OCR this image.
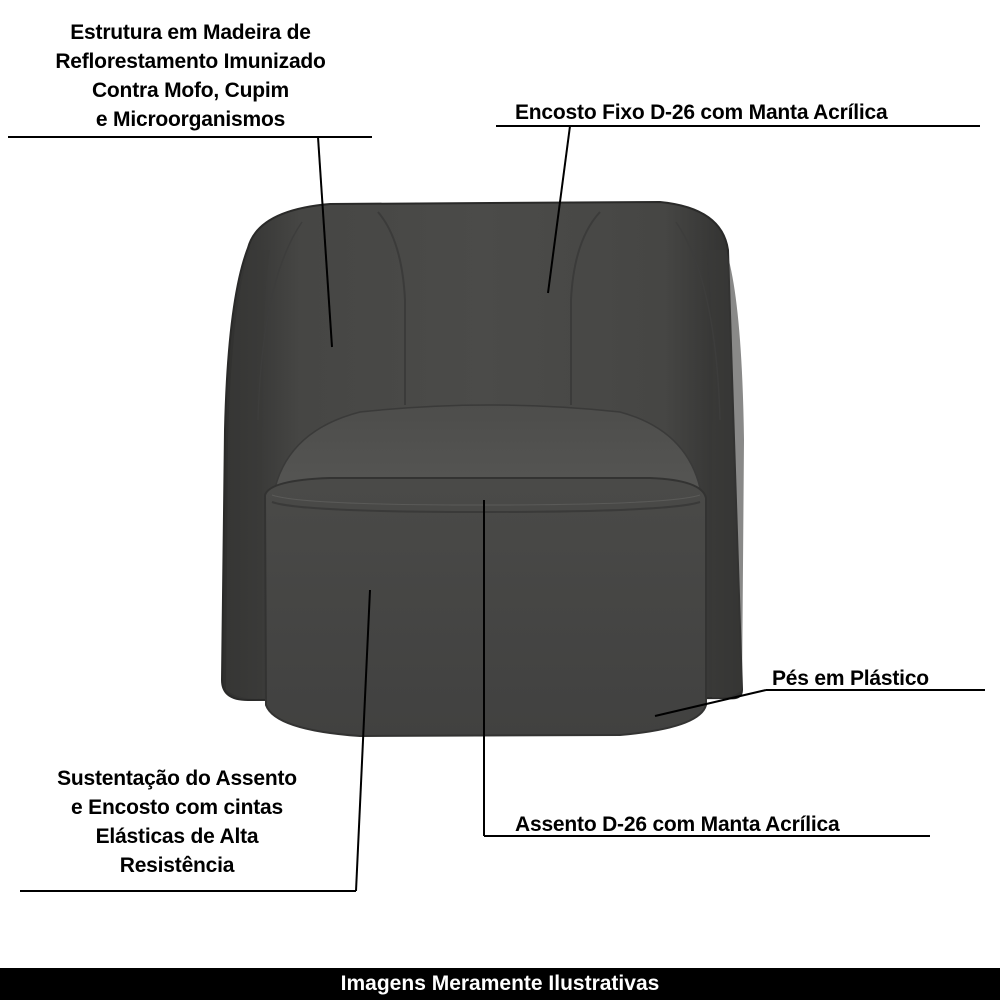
Estrutura em Madeira de
Reflorestamento Imunizado
Contra Mofo, Cupim
e Microorganismos	Encosto Fixo D-26 com Manta Acrílica
Pés em Plástico
Assento D-26 com Manta Acrílica
Sustentação do Assento
e Encosto com cintas
Elásticas de Alta
Resistência
Imagens Meramente Ilustrativas
